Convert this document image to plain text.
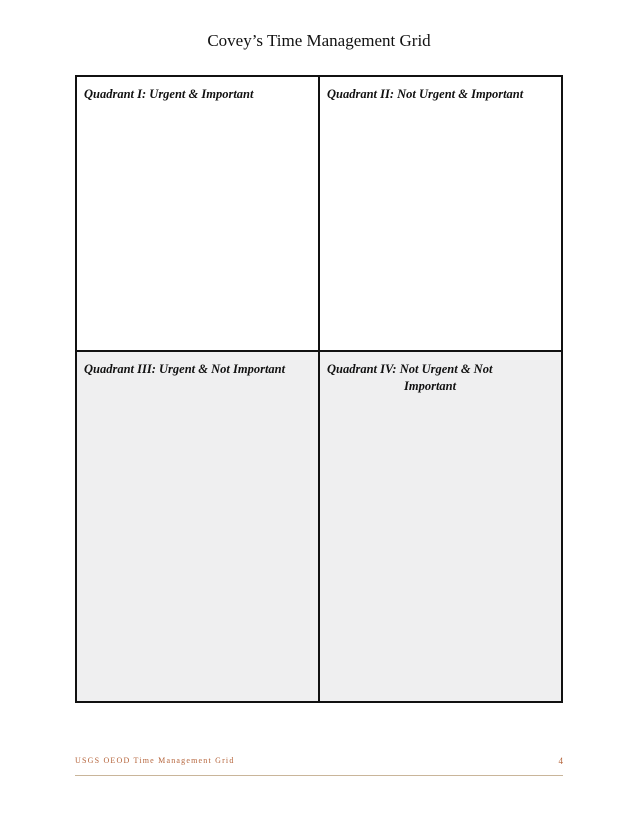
Covey’s Time Management Grid
Quadrant I: Urgent & Important	Quadrant II: Not Urgent & Important
Quadrant III: Urgent & Not Important	Quadrant IV: Not Urgent & Not
Important
USGS OEOD Time Management Grid	4
